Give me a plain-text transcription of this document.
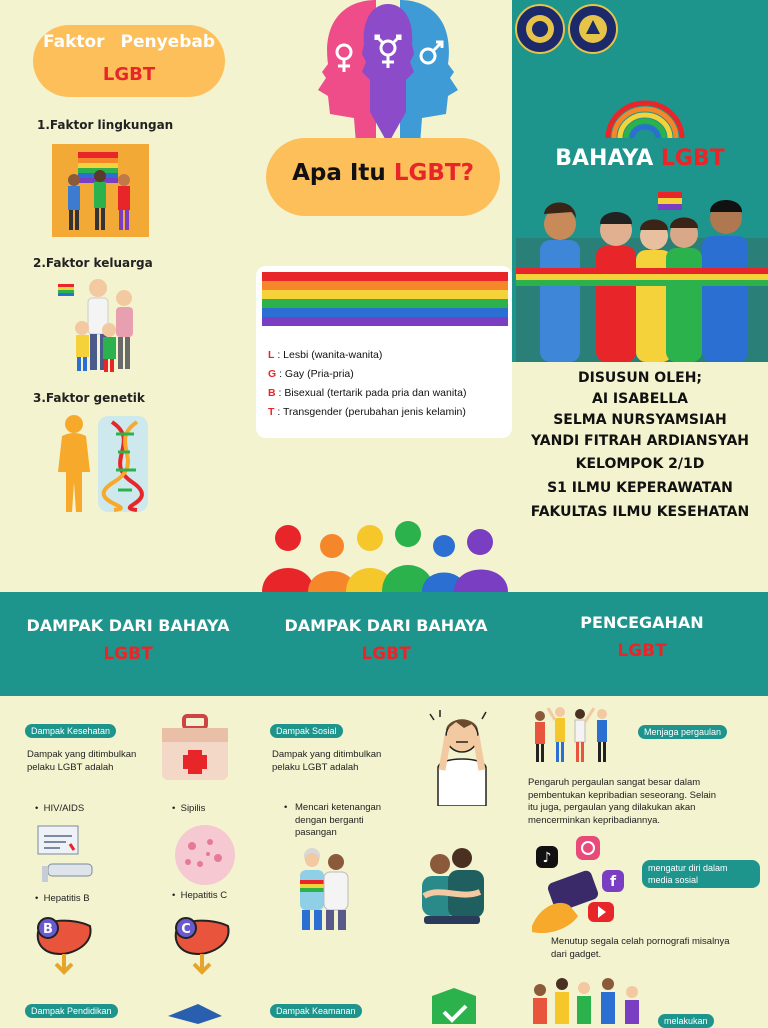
Faktor Penyebab
LGBT
1.Faktor lingkungan
2.Faktor keluarga
3.Faktor genetik
Apa Itu LGBT?
L : Lesbi (wanita-wanita)
G : Gay (Pria-pria)
B : Bisexual (tertarik pada pria dan wanita)
T : Transgender (perubahan jenis kelamin)
BAHAYA LGBT
DISUSUN OLEH;
AI ISABELLA
SELMA NURSYAMSIAH
YANDI FITRAH ARDIANSYAH
KELOMPOK 2/1D
S1 ILMU KEPERAWATAN
FAKULTAS ILMU KESEHATAN
DAMPAK DARI BAHAYA
LGBT
DAMPAK DARI BAHAYA
LGBT
PENCEGAHAN
LGBT
Dampak Kesehatan
Dampak yang ditimbulkan pelaku LGBT adalah
•  HIV/AIDS	•  Sipilis
•  Hepatitis B	•  Hepatitis C
B	C
Dampak Pendidikan
Dampak Sosial
Dampak yang ditimbulkan pelaku LGBT adalah
• Mencari ketenangan dengan berganti pasangan
Dampak Keamanan
Menjaga pergaulan
Pengaruh pergaulan sangat besar dalam pembentukan kepribadian seseorang. Selain itu juga, pergaulan yang dilakukan akan mencerminkan kepribadiannya.
♪
f
mengatur diri dalam media sosial
Menutup segala celah pornografi misalnya dari gadget.
melakukan
